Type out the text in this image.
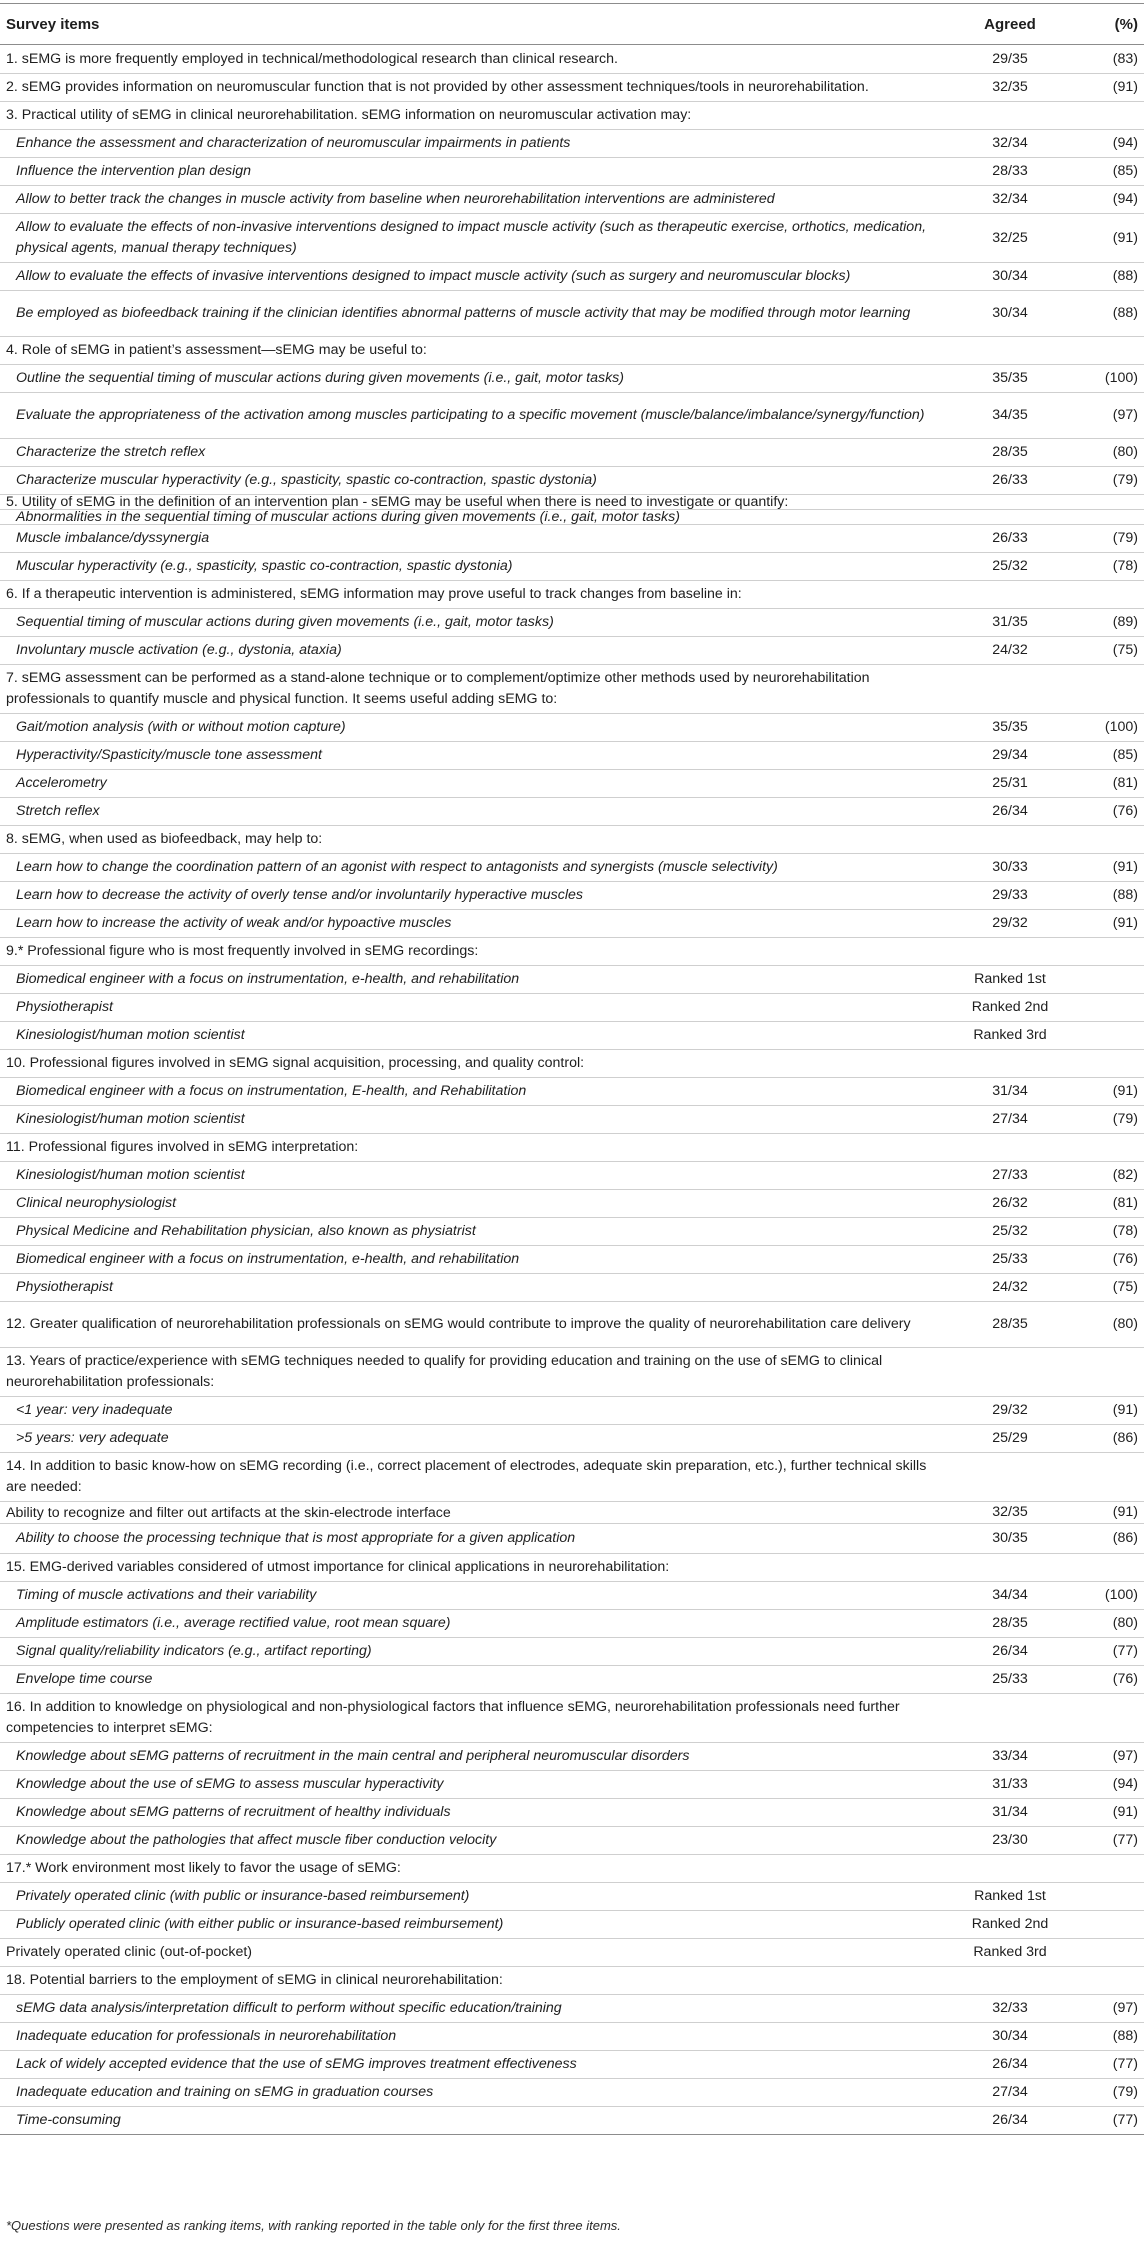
Survey items	Agreed	(%)
1. sEMG is more frequently employed in technical/methodological research than clinical research.	29/35	(83)
2. sEMG provides information on neuromuscular function that is not provided by other assessment techniques/tools in neurorehabilitation.	32/35	(91)
3. Practical utility of sEMG in clinical neurorehabilitation. sEMG information on neuromuscular activation may:		
Enhance the assessment and characterization of neuromuscular impairments in patients	32/34	(94)
Influence the intervention plan design	28/33	(85)
Allow to better track the changes in muscle activity from baseline when neurorehabilitation interventions are administered	32/34	(94)
Allow to evaluate the effects of non-invasive interventions designed to impact muscle activity (such as therapeutic exercise, orthotics, medication, physical agents, manual therapy techniques)	32/25	(91)
Allow to evaluate the effects of invasive interventions designed to impact muscle activity (such as surgery and neuromuscular blocks)	30/34	(88)
Be employed as biofeedback training if the clinician identifies abnormal patterns of muscle activity that may be modified through motor learning	30/34	(88)
4. Role of sEMG in patient’s assessment—sEMG may be useful to:		
Outline the sequential timing of muscular actions during given movements (i.e., gait, motor tasks)	35/35	(100)
Evaluate the appropriateness of the activation among muscles participating to a specific movement (muscle/balance/imbalance/synergy/function)	34/35	(97)
Characterize the stretch reflex	28/35	(80)
Characterize muscular hyperactivity (e.g., spasticity, spastic co-contraction, spastic dystonia)	26/33	(79)
5. Utility of sEMG in the definition of an intervention plan - sEMG may be useful when there is need to investigate or quantify:		
Abnormalities in the sequential timing of muscular actions during given movements (i.e., gait, motor tasks)		
Muscle imbalance/dyssynergia	26/33	(79)
Muscular hyperactivity (e.g., spasticity, spastic co-contraction, spastic dystonia)	25/32	(78)
6. If a therapeutic intervention is administered, sEMG information may prove useful to track changes from baseline in:		
Sequential timing of muscular actions during given movements (i.e., gait, motor tasks)	31/35	(89)
Involuntary muscle activation (e.g., dystonia, ataxia)	24/32	(75)
7. sEMG assessment can be performed as a stand-alone technique or to complement/optimize other methods used by neurorehabilitation professionals to quantify muscle and physical function. It seems useful adding sEMG to:		
Gait/motion analysis (with or without motion capture)	35/35	(100)
Hyperactivity/Spasticity/muscle tone assessment	29/34	(85)
Accelerometry	25/31	(81)
Stretch reflex	26/34	(76)
8. sEMG, when used as biofeedback, may help to:		
Learn how to change the coordination pattern of an agonist with respect to antagonists and synergists (muscle selectivity)	30/33	(91)
Learn how to decrease the activity of overly tense and/or involuntarily hyperactive muscles	29/33	(88)
Learn how to increase the activity of weak and/or hypoactive muscles	29/32	(91)
9.* Professional figure who is most frequently involved in sEMG recordings:		
Biomedical engineer with a focus on instrumentation, e-health, and rehabilitation	Ranked 1st	
Physiotherapist	Ranked 2nd	
Kinesiologist/human motion scientist	Ranked 3rd	
10. Professional figures involved in sEMG signal acquisition, processing, and quality control:		
Biomedical engineer with a focus on instrumentation, E-health, and Rehabilitation	31/34	(91)
Kinesiologist/human motion scientist	27/34	(79)
11. Professional figures involved in sEMG interpretation:		
Kinesiologist/human motion scientist	27/33	(82)
Clinical neurophysiologist	26/32	(81)
Physical Medicine and Rehabilitation physician, also known as physiatrist	25/32	(78)
Biomedical engineer with a focus on instrumentation, e-health, and rehabilitation	25/33	(76)
Physiotherapist	24/32	(75)
12. Greater qualification of neurorehabilitation professionals on sEMG would contribute to improve the quality of neurorehabilitation care delivery	28/35	(80)
13. Years of practice/experience with sEMG techniques needed to qualify for providing education and training on the use of sEMG to clinical neurorehabilitation professionals:		
<1 year: very inadequate	29/32	(91)
>5 years: very adequate	25/29	(86)
14. In addition to basic know-how on sEMG recording (i.e., correct placement of electrodes, adequate skin preparation, etc.), further technical skills are needed:		
Ability to recognize and filter out artifacts at the skin-electrode interface	32/35	(91)
Ability to choose the processing technique that is most appropriate for a given application	30/35	(86)
15. EMG-derived variables considered of utmost importance for clinical applications in neurorehabilitation:		
Timing of muscle activations and their variability	34/34	(100)
Amplitude estimators (i.e., average rectified value, root mean square)	28/35	(80)
Signal quality/reliability indicators (e.g., artifact reporting)	26/34	(77)
Envelope time course	25/33	(76)
16. In addition to knowledge on physiological and non-physiological factors that influence sEMG, neurorehabilitation professionals need further competencies to interpret sEMG:		
Knowledge about sEMG patterns of recruitment in the main central and peripheral neuromuscular disorders	33/34	(97)
Knowledge about the use of sEMG to assess muscular hyperactivity	31/33	(94)
Knowledge about sEMG patterns of recruitment of healthy individuals	31/34	(91)
Knowledge about the pathologies that affect muscle fiber conduction velocity	23/30	(77)
17.* Work environment most likely to favor the usage of sEMG:		
Privately operated clinic (with public or insurance-based reimbursement)	Ranked 1st	
Publicly operated clinic (with either public or insurance-based reimbursement)	Ranked 2nd	
Privately operated clinic (out-of-pocket)	Ranked 3rd	
18. Potential barriers to the employment of sEMG in clinical neurorehabilitation:		
sEMG data analysis/interpretation difficult to perform without specific education/training	32/33	(97)
Inadequate education for professionals in neurorehabilitation	30/34	(88)
Lack of widely accepted evidence that the use of sEMG improves treatment effectiveness	26/34	(77)
Inadequate education and training on sEMG in graduation courses	27/34	(79)
Time-consuming	26/34	(77)
*Questions were presented as ranking items, with ranking reported in the table only for the first three items.
